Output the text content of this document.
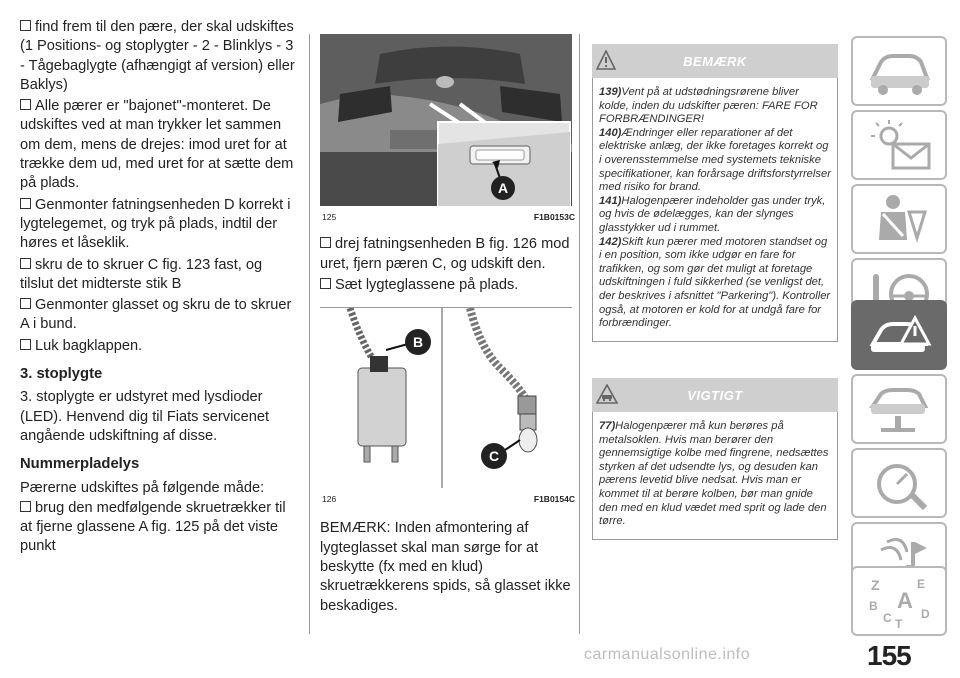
find frem til den pære, der skal udskiftes (1 Positions- og stoplygter - 2 - Blinklys - 3 - Tågebaglygte (afhængigt af version) eller Baklys)
Alle pærer er "bajonet"-monteret. De udskiftes ved at man trykker let sammen om dem, mens de drejes: imod uret for at trække dem ud, med uret for at sætte dem på plads.
Genmonter fatningsenheden D korrekt i lygtelegemet, og tryk på plads, indtil der høres et låseklik.
skru de to skruer C fig. 123 fast, og tilslut det midterste stik B
Genmonter glasset og skru de to skruer A i bund.
Luk bagklappen.
3. stoplygte
3. stoplygte er udstyret med lysdioder (LED). Henvend dig til Fiats servicenet angående udskiftning af disse.
Nummerpladelys
Pærerne udskiftes på følgende måde:
brug den medfølgende skruetrækker til at fjerne glassene A fig. 125 på det viste punkt
A
125	F1B0153C
drej fatningsenheden B fig. 126 mod uret, fjern pæren C, og udskift den.
Sæt lygteglassene på plads.
B
C
126	F1B0154C
BEMÆRK: Inden afmontering af lygteglasset skal man sørge for at beskytte (fx med en klud) skruetrækkerens spids, så glasset ikke beskadiges.
BEMÆRK
139)Vent på at udstødningsrørene bliver kolde, inden du udskifter pæren: FARE FOR FORBRÆNDINGER!
140)Ændringer eller reparationer af det elektriske anlæg, der ikke foretages korrekt og i overensstemmelse med systemets tekniske specifikationer, kan forårsage driftsforstyrrelser med risiko for brand.
141)Halogenpærer indeholder gas under tryk, og hvis de ødelægges, kan der slynges glasstykker ud i rummet.
142)Skift kun pærer med motoren standset og i en position, som ikke udgør en fare for trafikken, og som gør det muligt at foretage udskiftningen i fuld sikkerhed (se venligst det, der beskrives i afsnittet "Parkering"). Kontroller også, at motoren er kold for at undgå fare for forbrændinger.
VIGTIGT
77)Halogenpærer må kun berøres på metalsoklen. Hvis man berører den gennemsigtige kolbe med fingrene, nedsættes styrken af det udsendte lys, og desuden kan pærens levetid blive nedsat. Hvis man er kommet til at berøre kolben, bør man gnide den med en klud vædet med sprit og lade den tørre.
Z	E
B A
C T
D
155
carmanualsonline.info
